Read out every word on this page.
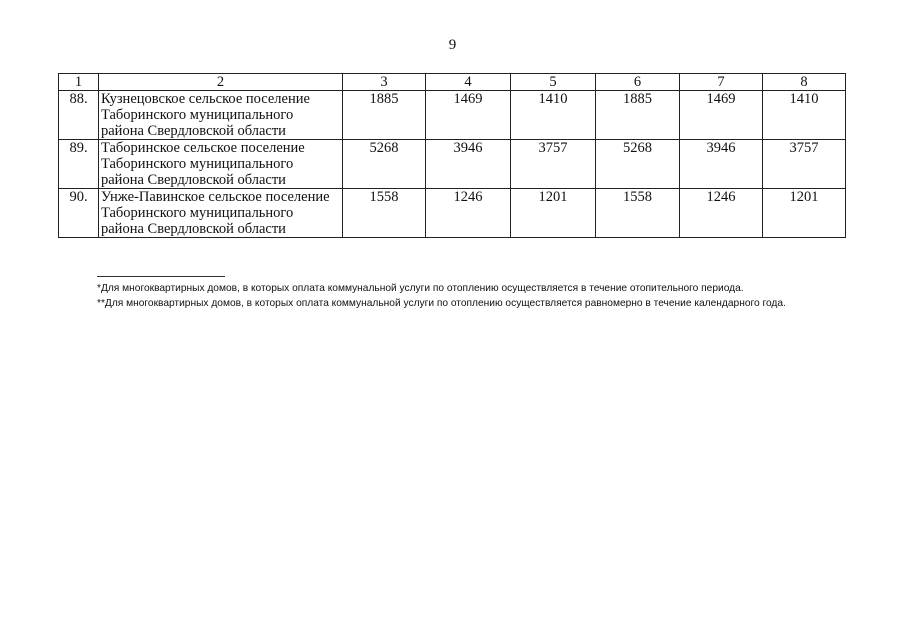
9
1	2	3	4	5	6	7	8
88.	Кузнецовское сельское поселение
Таборинского муниципального
района Свердловской области	1885	1469	1410	1885	1469	1410
89.	Таборинское сельское поселение
Таборинского муниципального
района Свердловской области	5268	3946	3757	5268	3946	3757
90.	Унже-Павинское сельское поселение
Таборинского муниципального
района Свердловской области	1558	1246	1201	1558	1246	1201
*Для многоквартирных домов, в которых оплата коммунальной услуги по отоплению осуществляется в течение отопительного периода.
**Для многоквартирных домов, в которых оплата коммунальной услуги по отоплению осуществляется равномерно в течение календарного года.
